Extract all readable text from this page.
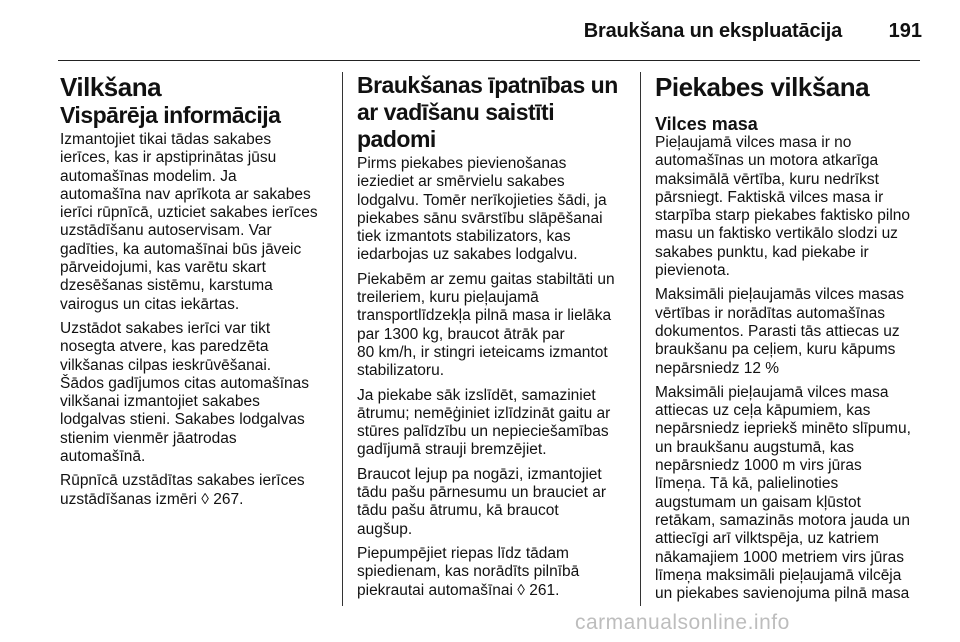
Braukšana un ekspluatācija 191
Vilkšana
Vispārēja informācija

Izmantojiet tikai tādas sakabes
ierīces, kas ir apstiprinātas jūsu
automašīnas modelim. Ja
automašīna nav aprīkota ar sakabes
ierīci rūpnīcā, uzticiet sakabes ierīces
uzstādīšanu autoservisam. Var
gadīties, ka automašīnai būs jāveic
pārveidojumi, kas varētu skart
dzesēšanas sistēmu, karstuma
vairogus un citas iekārtas.

Uzstādot sakabes ierīci var tikt
nosegta atvere, kas paredzēta
vilkšanas cilpas ieskrūvēšanai.
Šādos gadījumos citas automašīnas
vilkšanai izmantojiet sakabes
lodgalvas stieni. Sakabes lodgalvas
stienim vienmēr jāatrodas
automašīnā.

Rūpnīcā uzstādītas sakabes ierīces
uzstādīšanas izmēri ◊ 267.

Braukšanas īpatnības un ar vadīšanu saistīti padomi

Pirms piekabes pievienošanas
ieziediet ar smērvielu sakabes
lodgalvu. Tomēr nerīkojieties šādi, ja
piekabes sānu svārstību slāpēšanai
tiek izmantots stabilizators, kas
iedarbojas uz sakabes lodgalvu.

Piekabēm ar zemu gaitas stabiltāti un
treileriem, kuru pieļaujamā
transportlīdzekļa pilnā masa ir lielāka
par 1300 kg, braucot ātrāk par
80 km/h, ir stingri ieteicams izmantot
stabilizatoru.

Ja piekabe sāk izslīdēt, samaziniet
ātrumu; nemēģiniet izlīdzināt gaitu ar
stūres palīdzību un nepieciešamības
gadījumā strauji bremzējiet.

Braucot lejup pa nogāzi, izmantojiet
tādu pašu pārnesumu un brauciet ar
tādu pašu ātrumu, kā braucot
augšup.

Piepumpējiet riepas līdz tādam
spiedienam, kas norādīts pilnībā
piekrautai automašīnai ◊ 261.

Piekabes vilkšana
Vilces masa

Pieļaujamā vilces masa ir no
automašīnas un motora atkarīga
maksimālā vērtība, kuru nedrīkst
pārsniegt. Faktiskā vilces masa ir
starpība starp piekabes faktisko pilno
masu un faktisko vertikālo slodzi uz
sakabes punktu, kad piekabe ir
pievienota.

Maksimāli pieļaujamās vilces masas
vērtības ir norādītas automašīnas
dokumentos. Parasti tās attiecas uz
braukšanu pa ceļiem, kuru kāpums
nepārsniedz 12 %

Maksimāli pieļaujamā vilces masa
attiecas uz ceļa kāpumiem, kas
nepārsniedz iepriekš minēto slīpumu,
un braukšanu augstumā, kas
nepārsniedz 1000 m virs jūras
līmeņa. Tā kā, palielinoties
augstumam un gaisam kļūstot
retākam, samazinās motora jauda un
attiecīgi arī vilktspēja, uz katriem
nākamajiem 1000 metriem virs jūras
līmeņa maksimāli pieļaujamā vilcēja
un piekabes savienojuma pilnā masa

carmanualsonline.info
